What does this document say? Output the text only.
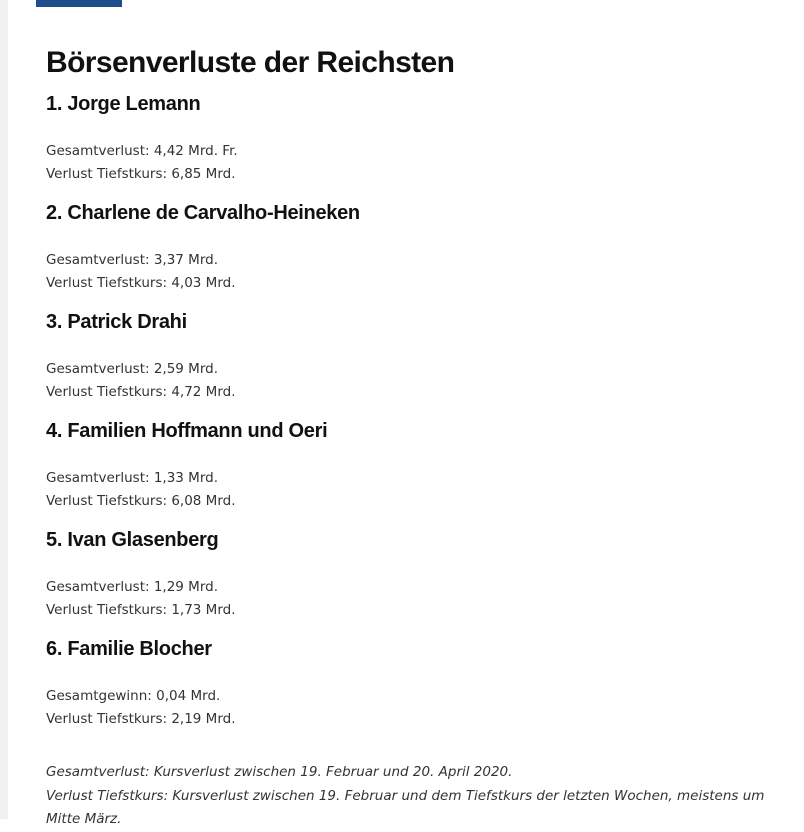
Börsenverluste der Reichsten
1. Jorge Lemann
Gesamtverlust: 4,42 Mrd. Fr.
Verlust Tiefstkurs: 6,85 Mrd.
2. Charlene de Carvalho-Heineken
Gesamtverlust: 3,37 Mrd.
Verlust Tiefstkurs: 4,03 Mrd.
3. Patrick Drahi
Gesamtverlust: 2,59 Mrd.
Verlust Tiefstkurs: 4,72 Mrd.
4. Familien Hoffmann und Oeri
Gesamtverlust: 1,33 Mrd.
Verlust Tiefstkurs: 6,08 Mrd.
5. Ivan Glasenberg
Gesamtverlust: 1,29 Mrd.
Verlust Tiefstkurs: 1,73 Mrd.
6. Familie Blocher
Gesamtgewinn: 0,04 Mrd.
Verlust Tiefstkurs: 2,19 Mrd.
Gesamtverlust: Kursverlust zwischen 19. Februar und 20. April 2020.
Verlust Tiefstkurs: Kursverlust zwischen 19. Februar und dem Tiefstkurs der letzten Wochen, meistens um Mitte März.
